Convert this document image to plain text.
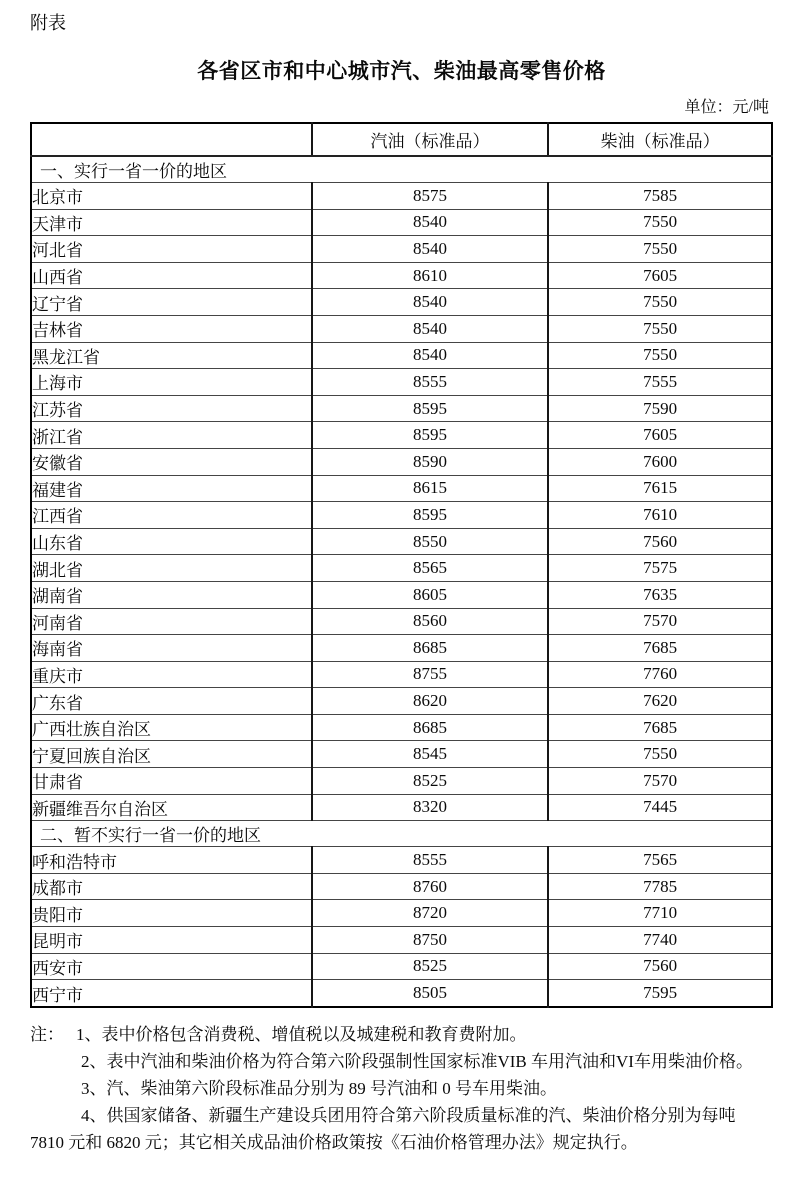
附表
各省区市和中心城市汽、柴油最高零售价格
单位：元/吨
	汽油（标准品）	柴油（标准品）
一、实行一省一价的地区		
北京市	8575	7585
天津市	8540	7550
河北省	8540	7550
山西省	8610	7605
辽宁省	8540	7550
吉林省	8540	7550
黑龙江省	8540	7550
上海市	8555	7555
江苏省	8595	7590
浙江省	8595	7605
安徽省	8590	7600
福建省	8615	7615
江西省	8595	7610
山东省	8550	7560
湖北省	8565	7575
湖南省	8605	7635
河南省	8560	7570
海南省	8685	7685
重庆市	8755	7760
广东省	8620	7620
广西壮族自治区	8685	7685
宁夏回族自治区	8545	7550
甘肃省	8525	7570
新疆维吾尔自治区	8320	7445
二、暂不实行一省一价的地区		
呼和浩特市	8555	7565
成都市	8760	7785
贵阳市	8720	7710
昆明市	8750	7740
西安市	8525	7560
西宁市	8505	7595

注： 1、表中价格包含消费税、增值税以及城建税和教育费附加。

2、表中汽油和柴油价格为符合第六阶段强制性国家标准VIB 车用汽油和VI车用柴油价格。

3、汽、柴油第六阶段标准品分别为 89 号汽油和 0 号车用柴油。

4、供国家储备、新疆生产建设兵团用符合第六阶段质量标准的汽、柴油价格分别为每吨 7810 元和 6820 元；其它相关成品油价格政策按《石油价格管理办法》规定执行。
